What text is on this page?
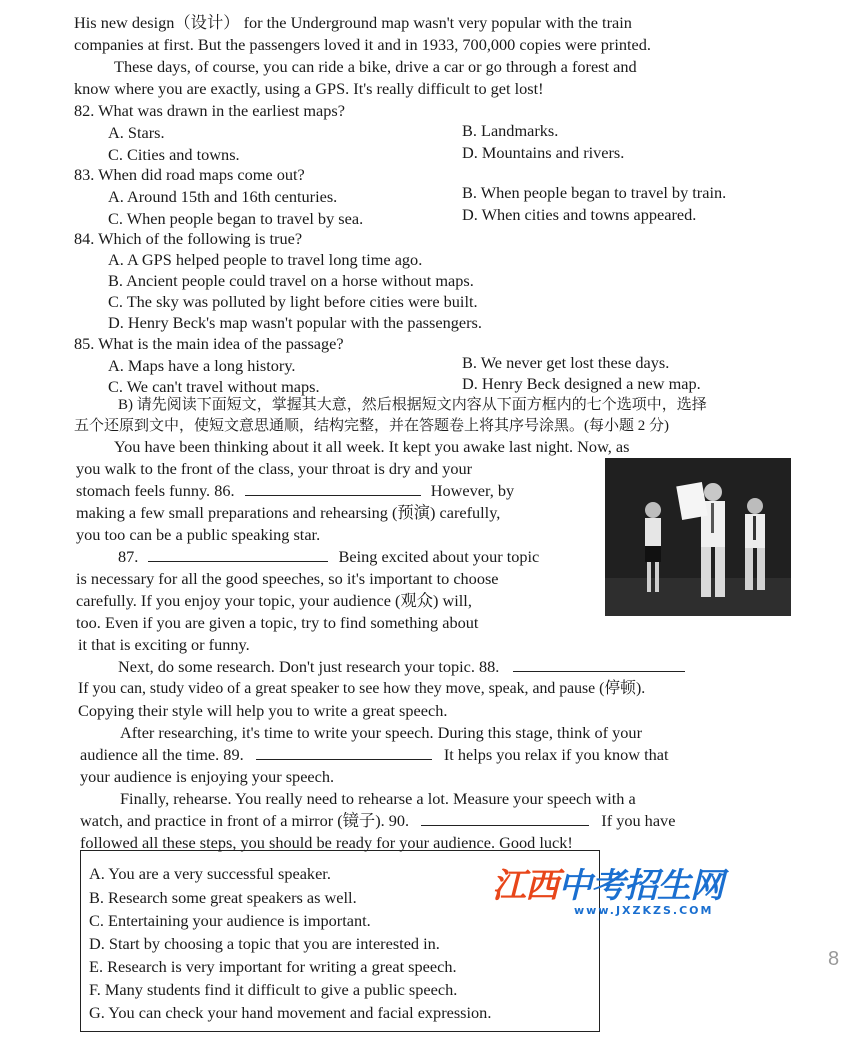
His new design（设计） for the Underground map wasn't very popular with the train
companies at first. But the passengers loved it and in 1933, 700,000 copies were printed.
These days, of course, you can ride a bike, drive a car or go through a forest and
know where you are exactly, using a GPS. It's really difficult to get lost!
82. What was drawn in the earliest maps?
A. Stars.	B. Landmarks.
C. Cities and towns.	D. Mountains and rivers.
83. When did road maps come out?
A. Around 15th and 16th centuries.	B. When people began to travel by train.
C. When people began to travel by sea.	D. When cities and towns appeared.
84. Which of the following is true?
A. A GPS helped people to travel long time ago.
B. Ancient people could travel on a horse without maps.
C. The sky was polluted by light before cities were built.
D. Henry Beck's map wasn't popular with the passengers.
85. What is the main idea of the passage?
A. Maps have a long history.	B. We never get lost these days.
C. We can't travel without maps.	D. Henry Beck designed a new map.
B) 请先阅读下面短文，掌握其大意，然后根据短文内容从下面方框内的七个选项中，选择
五个还原到文中，使短文意思通顺，结构完整，并在答题卷上将其序号涂黑。(每小题 2 分)
You have been thinking about it all week. It kept you awake last night. Now, as
you walk to the front of the class, your throat is dry and your
stomach feels funny. 86.	However, by
making a few small preparations and rehearsing (预演) carefully,
you too can be a public speaking star.
87.	Being excited about your topic
is necessary for all the good speeches, so it's important to choose
carefully. If you enjoy your topic, your audience (观众) will,
too. Even if you are given a topic, try to find something about
it that is exciting or funny.
Next, do some research. Don't just research your topic. 88.
If you can, study video of a great speaker to see how they move, speak, and pause (停顿).
Copying their style will help you to write a great speech.
After researching, it's time to write your speech. During this stage, think of your
audience all the time. 89.	It helps you relax if you know that
your audience is enjoying your speech.
Finally, rehearse. You really need to rehearse a lot. Measure your speech with a
watch, and practice in front of a mirror (镜子). 90.	If you have
followed all these steps, you should be ready for your audience. Good luck!
A. You are a very successful speaker.
B. Research some great speakers as well.
C. Entertaining your audience is important.
D. Start by choosing a topic that you are interested in.
E. Research is very important for writing a great speech.
F. Many students find it difficult to give a public speech.
G. You can check your hand movement and facial expression.
江西中考招生网
www.JXZKZS.COM
8
